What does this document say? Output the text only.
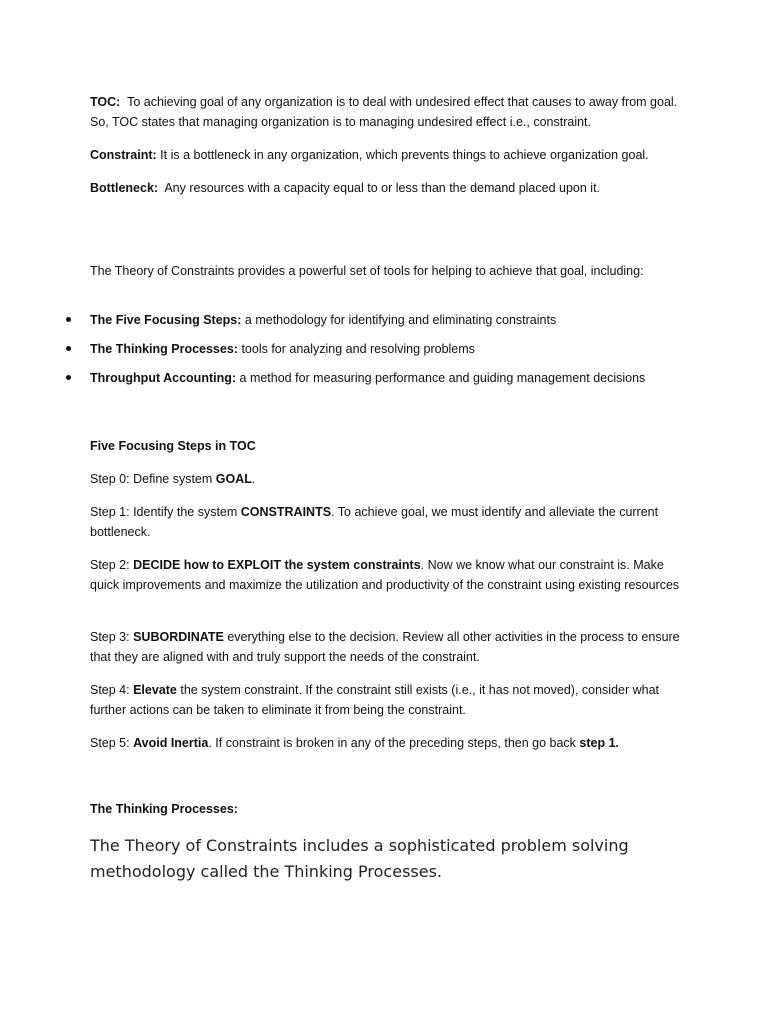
TOC: To achieving goal of any organization is to deal with undesired effect that causes to away from goal. So, TOC states that managing organization is to managing undesired effect i.e., constraint.

Constraint: It is a bottleneck in any organization, which prevents things to achieve organization goal.

Bottleneck: Any resources with a capacity equal to or less than the demand placed upon it.

The Theory of Constraints provides a powerful set of tools for helping to achieve that goal, including:

The Five Focusing Steps: a methodology for identifying and eliminating constraints
The Thinking Processes: tools for analyzing and resolving problems
Throughput Accounting: a method for measuring performance and guiding management decisions

Five Focusing Steps in TOC

Step 0: Define system GOAL.

Step 1: Identify the system CONSTRAINTS. To achieve goal, we must identify and alleviate the current bottleneck.

Step 2: DECIDE how to EXPLOIT the system constraints. Now we know what our constraint is. Make quick improvements and maximize the utilization and productivity of the constraint using existing resources

Step 3: SUBORDINATE everything else to the decision. Review all other activities in the process to ensure that they are aligned with and truly support the needs of the constraint.

Step 4: Elevate the system constraint. If the constraint still exists (i.e., it has not moved), consider what further actions can be taken to eliminate it from being the constraint.

Step 5: Avoid Inertia. If constraint is broken in any of the preceding steps, then go back step 1.

The Thinking Processes:

The Theory of Constraints includes a sophisticated problem solving methodology called the Thinking Processes.
